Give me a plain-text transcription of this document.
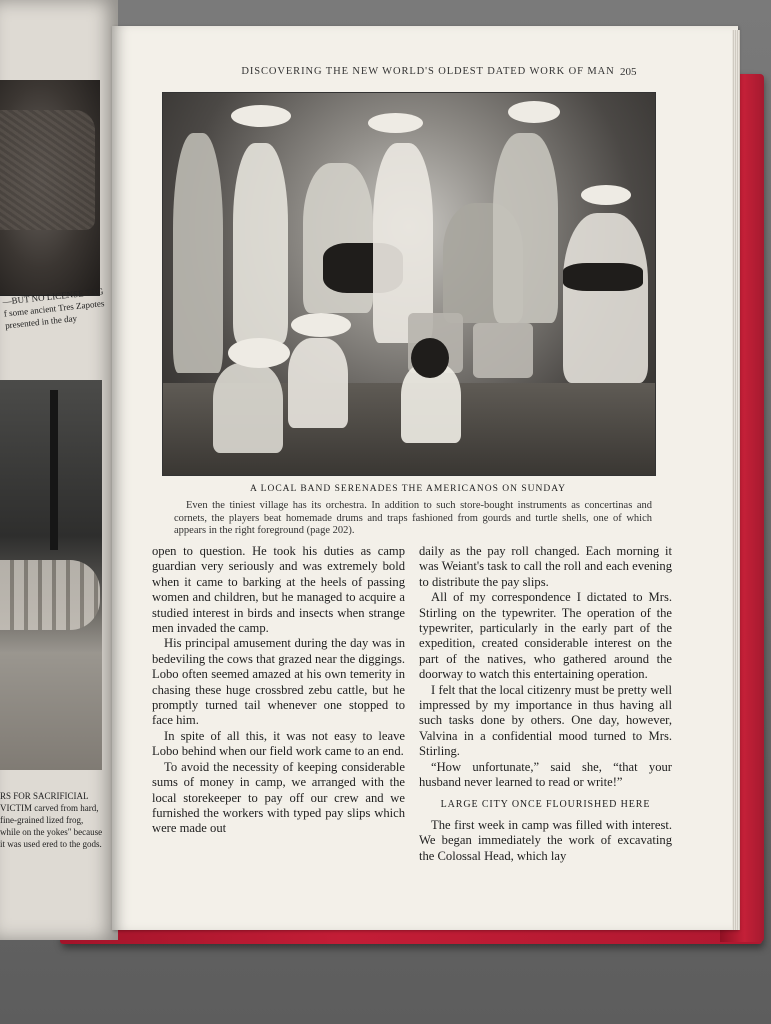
—BUT NO LICENSE TAG f some ancient Tres Zapotes presented in the day
RS FOR SACRIFICIAL VICTIM carved from hard, fine-grained lized frog, while on the yokes" because it was used ered to the gods.
DISCOVERING THE NEW WORLD'S OLDEST DATED WORK OF MAN 205
A LOCAL BAND SERENADES THE AMERICANOS ON SUNDAY
Even the tiniest village has its orchestra. In addition to such store-bought instruments as concertinas and cornets, the players beat homemade drums and traps fashioned from gourds and turtle shells, one of which appears in the right foreground (page 202).

open to question. He took his duties as camp guardian very seriously and was extremely bold when it came to barking at the heels of passing women and children, but he managed to acquire a studied interest in birds and insects when strange men invaded the camp.

His principal amusement during the day was in bedeviling the cows that grazed near the diggings. Lobo often seemed amazed at his own temerity in chasing these huge crossbred zebu cattle, but he promptly turned tail whenever one stopped to face him.

In spite of all this, it was not easy to leave Lobo behind when our field work came to an end.

To avoid the necessity of keeping considerable sums of money in camp, we arranged with the local storekeeper to pay off our crew and we furnished the workers with typed pay slips which were made out

daily as the pay roll changed. Each morning it was Weiant's task to call the roll and each evening to distribute the pay slips.

All of my correspondence I dictated to Mrs. Stirling on the typewriter. The operation of the typewriter, particularly in the early part of the expedition, created considerable interest on the part of the natives, who gathered around the doorway to watch this entertaining operation.

I felt that the local citizenry must be pretty well impressed by my importance in thus having all such tasks done by others. One day, however, Valvina in a confidential mood turned to Mrs. Stirling.

“How unfortunate,” said she, “that your husband never learned to read or write!”

LARGE CITY ONCE FLOURISHED HERE

The first week in camp was filled with interest. We began immediately the work of excavating the Colossal Head, which lay
